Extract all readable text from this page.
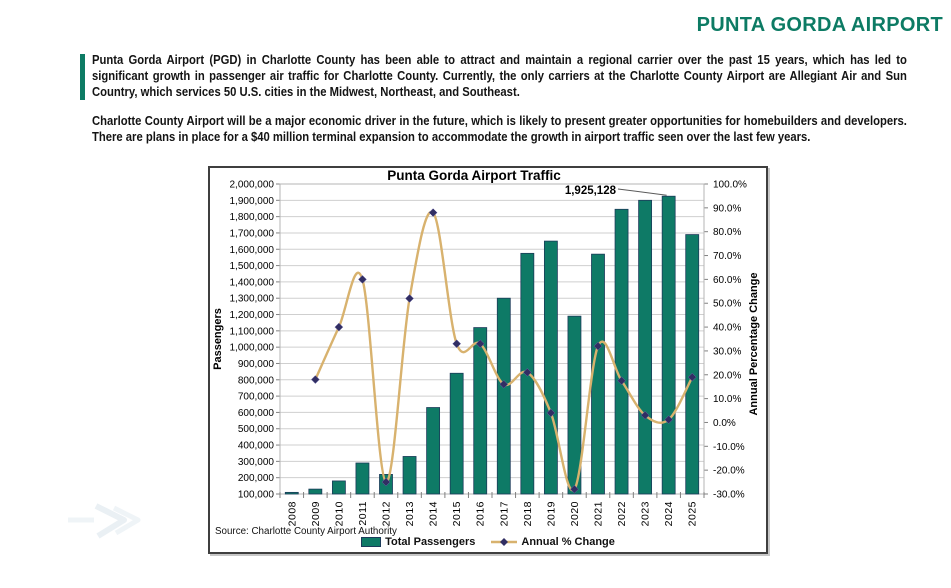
PUNTA GORDA AIRPORT
Punta Gorda Airport (PGD) in Charlotte County has been able to attract and maintain a regional carrier over the past 15 years, which has led to significant growth in passenger air traffic for Charlotte County. Currently, the only carriers at the Charlotte County Airport are Allegiant Air and Sun Country, which services 50 U.S. cities in the Midwest, Northeast, and Southeast.
Charlotte County Airport will be a major economic driver in the future, which is likely to present greater opportunities for homebuilders and developers. There are plans in place for a $40 million terminal expansion to accommodate the growth in airport traffic seen over the last few years.
2,000,000
1,900,000
1,800,000
1,700,000
1,600,000
1,500,000
1,400,000
1,300,000
1,200,000
1,100,000
1,000,000
900,000
800,000
700,000
600,000
500,000
400,000
300,000
200,000
100,000
100.0%
90.0%
80.0%
70.0%
60.0%
50.0%
40.0%
30.0%
20.0%
10.0%
0.0%
-10.0%
-20.0%
-30.0%
2008 2009 2010 2011 2012 2013 2014 2015 2016 2017 2018 2019 2020 2021 2022 2023 2024 2025
1,925,128
Passengers	Annual Percentage Change
Punta Gorda Airport Traffic
Source: Charlotte County Airport Authority
Total Passengers	Annual % Change
